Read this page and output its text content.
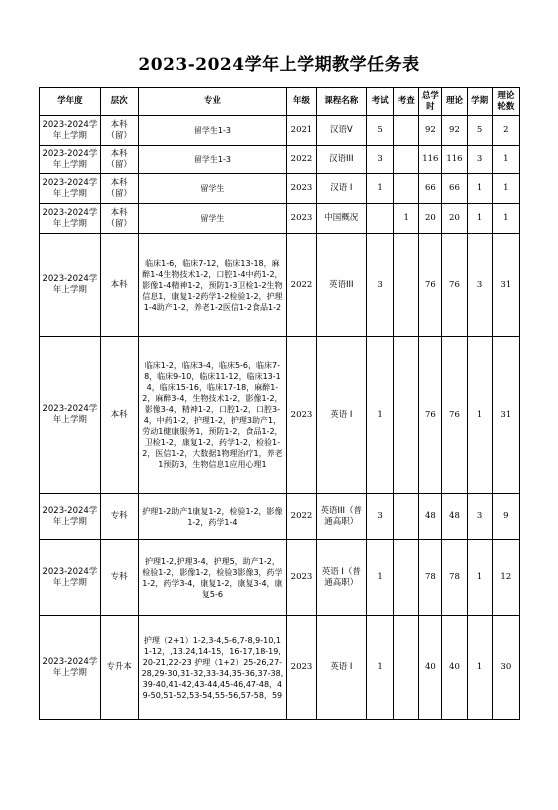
2023-2024学年上学期教学任务表
学年度	层次	专业	年级	课程名称	考试	考查	总学时	理论	学期	理论轮数
2023-2024学年上学期	本科（留）	留学生1-3	2021	汉语V	5		92	92	5	2
2023-2024学年上学期	本科（留）	留学生1-3	2022	汉语III	3		116	116	3	1
2023-2024学年上学期	本科（留）	留学生	2023	汉语 I	1		66	66	1	1
2023-2024学年上学期	本科（留）	留学生	2023	中国概况		1	20	20	1	1
2023-2024学年上学期	本科	临床1-6，临床7-12，临床13-18，麻醉1-4生物技术1-2，口腔1-4中药1-2，影像1-4精神1-2，预防1-3卫检1-2生物信息1，康复1-2药学1-2检验1-2，护理1-4助产1-2，养老1-2医信1-2食品1-2	2022	英语III	3		76	76	3	31
2023-2024学年上学期	本科	临床1-2，临床3-4，临床5-6，临床7-8，临床9-10，临床11-12，临床13-14，临床15-16，临床17-18，麻醉1-2，麻醉3-4，生物技术1-2，影像1-2，影像3-4，精神1-2，口腔1-2，口腔3-4，中药1-2，护理1-2，护理3助产1，劳动1健康服务1，预防1-2，食品1-2，卫检1-2，康复1-2，药学1-2，检验1-2，医信1-2，大数据1物理治疗1，养老1预防3，生物信息1应用心理1	2023	英语 I	1		76	76	1	31
2023-2024学年上学期	专科	护理1-2助产1康复1-2，检验1-2，影像1-2，药学1-4	2022	英语III（普通高职）	3		48	48	3	9
2023-2024学年上学期	专科	护理1-2,护理3-4，护理5，助产1-2，检验1-2，影像1-2，检验3影像3，药学1-2，药学3-4，康复1-2，康复3-4，康复5-6	2023	英语 I（普通高职）	1		78	78	1	12
2023-2024学年上学期	专升本	护理（2+1）1-2,3-4,5-6,7-8,9-10,11-12，,13.24,14-15，16-17,18-19,20-21,22-23 护理（1+2）25-26,27-28,29-30,31-32,33-34,35-36,37-38,39-40,41-42,43-44,45-46,47-48，49-50,51-52,53-54,55-56,57-58，59	2023	英语 I	1		40	40	1	30
